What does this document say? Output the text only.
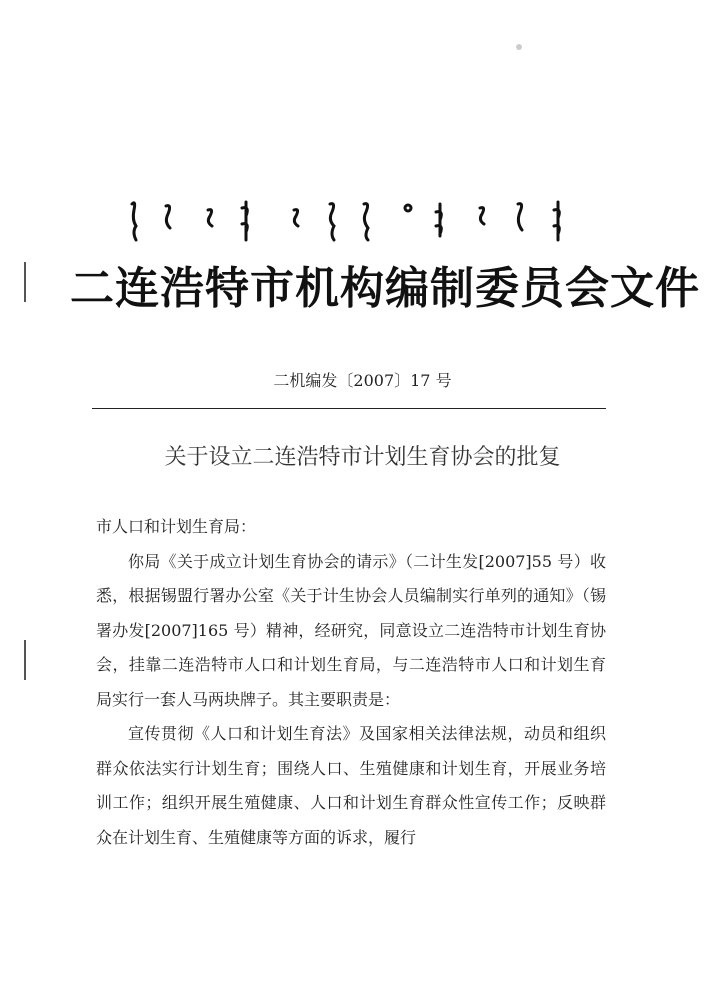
二连浩特市机构编制委员会文件
二机编发〔2007〕17 号
关于设立二连浩特市计划生育协会的批复

市人口和计划生育局：

你局《关于成立计划生育协会的请示》（二计生发[2007]55 号）收悉，根据锡盟行署办公室《关于计生协会人员编制实行单列的通知》（锡署办发[2007]165 号）精神，经研究，同意设立二连浩特市计划生育协会，挂靠二连浩特市人口和计划生育局，与二连浩特市人口和计划生育局实行一套人马两块牌子。其主要职责是：

宣传贯彻《人口和计划生育法》及国家相关法律法规，动员和组织群众依法实行计划生育；围绕人口、生殖健康和计划生育，开展业务培训工作；组织开展生殖健康、人口和计划生育群众性宣传工作；反映群众在计划生育、生殖健康等方面的诉求，履行
